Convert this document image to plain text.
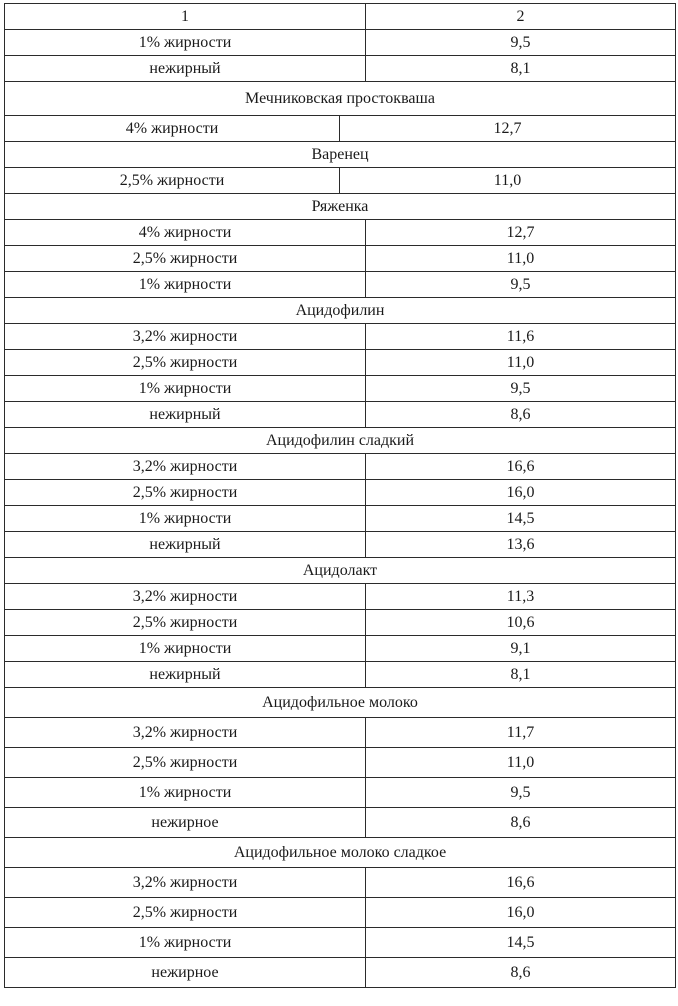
1		2
1% жирности		9,5
нежирный		8,1
Мечниковская простокваша		
4% жирности	12,7	
Варенец		
2,5% жирности	11,0	
Ряженка		
4% жирности		12,7
2,5% жирности		11,0
1% жирности		9,5
Ацидофилин		
3,2% жирности		11,6
2,5% жирности		11,0
1% жирности		9,5
нежирный		8,6
Ацидофилин сладкий		
3,2% жирности		16,6
2,5% жирности		16,0
1% жирности		14,5
нежирный		13,6
Ацидолакт		
3,2% жирности		11,3
2,5% жирности		10,6
1% жирности		9,1
нежирный		8,1
Ацидофильное молоко		
3,2% жирности		11,7
2,5% жирности		11,0
1% жирности		9,5
нежирное		8,6
Ацидофильное молоко сладкое		
3,2% жирности		16,6
2,5% жирности		16,0
1% жирности		14,5
нежирное		8,6
